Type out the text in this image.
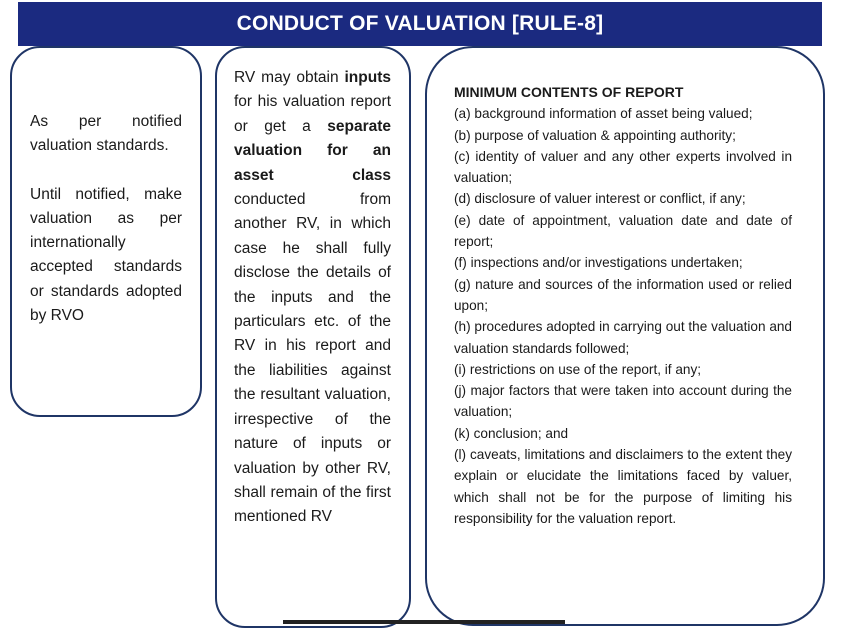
CONDUCT OF VALUATION [RULE-8]

As per notified valuation standards.

Until notified, make valuation as per internationally accepted standards or standards adopted by RVO

RV may obtain inputs for his valuation report or get a separate valuation for an asset class conducted from another RV, in which case he shall fully disclose the details of the inputs and the particulars etc. of the RV in his report and the liabilities against the resultant valuation, irrespective of the nature of inputs or valuation by other RV, shall remain of the first mentioned RV

MINIMUM CONTENTS OF REPORT

(a) background information of asset being valued;

(b) purpose of valuation & appointing authority;

(c) identity of valuer and any other experts involved in valuation;

(d) disclosure of valuer interest or conflict, if any;

(e) date of appointment, valuation date and date of report;

(f) inspections and/or investigations undertaken;

(g) nature and sources of the information used or relied upon;

(h) procedures adopted in carrying out the valuation and valuation standards followed;

(i) restrictions on use of the report, if any;

(j) major factors that were taken into account during the valuation;

(k) conclusion; and

(l) caveats, limitations and disclaimers to the extent they explain or elucidate the limitations faced by valuer, which shall not be for the purpose of limiting his responsibility for the valuation report.
